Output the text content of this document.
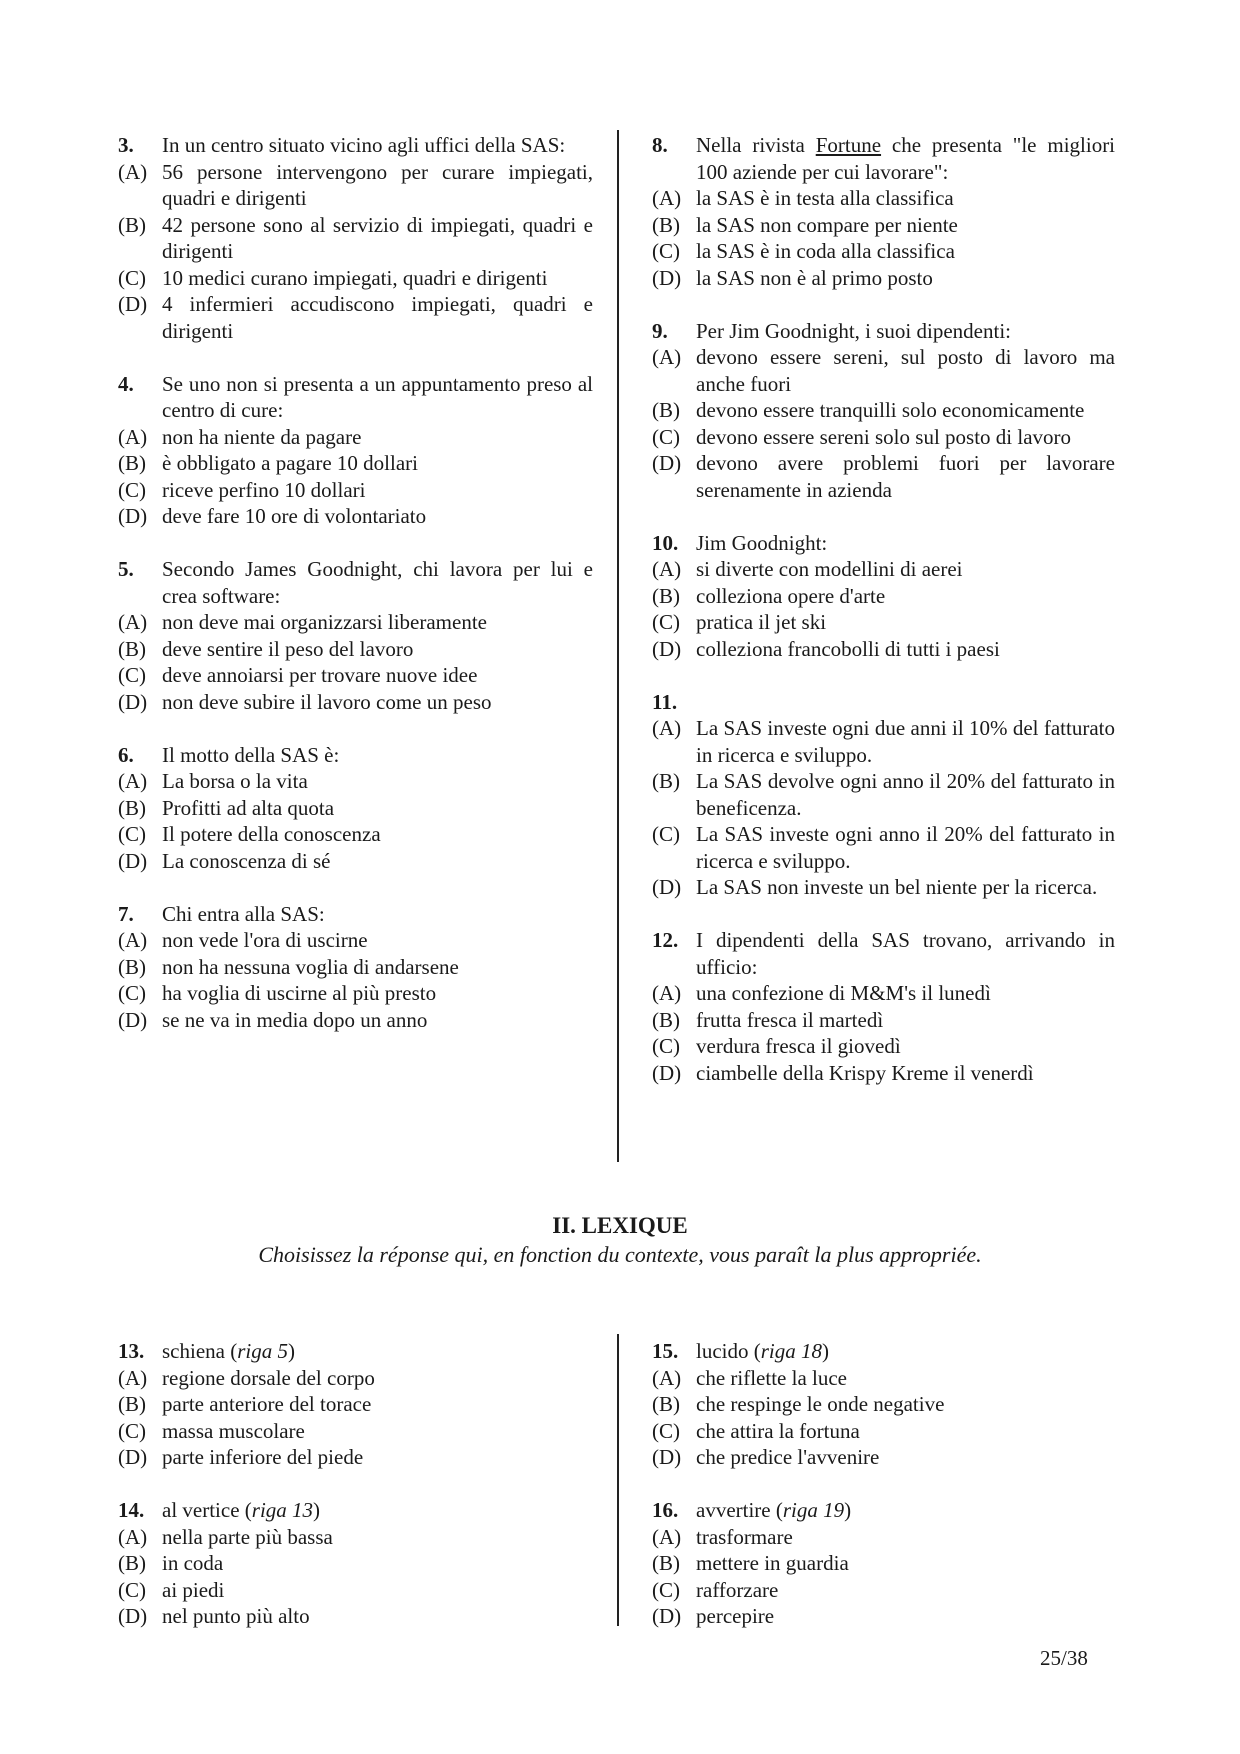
3.	In un centro situato vicino agli uffici della SAS:
(A) 56 persone intervengono per curare impiegati, quadri e dirigenti
(B) 42 persone sono al servizio di impiegati, quadri e dirigenti
(C) 10 medici curano impiegati, quadri e dirigenti
(D) 4 infermieri accudiscono impiegati, quadri e dirigenti
4.	Se uno non si presenta a un appuntamento preso al centro di cure:
(A) non ha niente da pagare
(B) è obbligato a pagare 10 dollari
(C) riceve perfino 10 dollari
(D) deve fare 10 ore di volontariato
5.	Secondo James Goodnight, chi lavora per lui e crea software:
(A) non deve mai organizzarsi liberamente
(B) deve sentire il peso del lavoro
(C) deve annoiarsi per trovare nuove idee
(D) non deve subire il lavoro come un peso
6.	Il motto della SAS è:
(A) La borsa o la vita
(B) Profitti ad alta quota
(C) Il potere della conoscenza
(D) La conoscenza di sé
7.	Chi entra alla SAS:
(A) non vede l'ora di uscirne
(B) non ha nessuna voglia di andarsene
(C) ha voglia di uscirne al più presto
(D) se ne va in media dopo un anno
8.	Nella rivista Fortune che presenta "le migliori 100 aziende per cui lavorare":
(A) la SAS è in testa alla classifica
(B) la SAS non compare per niente
(C) la SAS è in coda alla classifica
(D) la SAS non è al primo posto
9.	Per Jim Goodnight, i suoi dipendenti:
(A) devono essere sereni, sul posto di lavoro ma anche fuori
(B) devono essere tranquilli solo economicamente
(C) devono essere sereni solo sul posto di lavoro
(D) devono avere problemi fuori per lavorare serenamente in azienda
10. Jim Goodnight:
(A) si diverte con modellini di aerei
(B) colleziona opere d'arte
(C) pratica il jet ski
(D) colleziona francobolli di tutti i paesi
11.
(A) La SAS investe ogni due anni il 10% del fatturato in ricerca e sviluppo.
(B) La SAS devolve ogni anno il 20% del fatturato in beneficenza.
(C) La SAS investe ogni anno il 20% del fatturato in ricerca e sviluppo.
(D) La SAS non investe un bel niente per la ricerca.
12. I dipendenti della SAS trovano, arrivando in ufficio:
(A) una confezione di M&M's il lunedì
(B) frutta fresca il martedì
(C) verdura fresca il giovedì
(D) ciambelle della Krispy Kreme il venerdì
II. LEXIQUE
Choisissez la réponse qui, en fonction du contexte, vous paraît la plus appropriée.
13. schiena (riga 5)
(A) regione dorsale del corpo
(B) parte anteriore del torace
(C) massa muscolare
(D) parte inferiore del piede
14. al vertice (riga 13)
(A) nella parte più bassa
(B) in coda
(C) ai piedi
(D) nel punto più alto
15. lucido (riga 18)
(A) che riflette la luce
(B) che respinge le onde negative
(C) che attira la fortuna
(D) che predice l'avvenire
16. avvertire (riga 19)
(A) trasformare
(B) mettere in guardia
(C) rafforzare
(D) percepire
25/38
